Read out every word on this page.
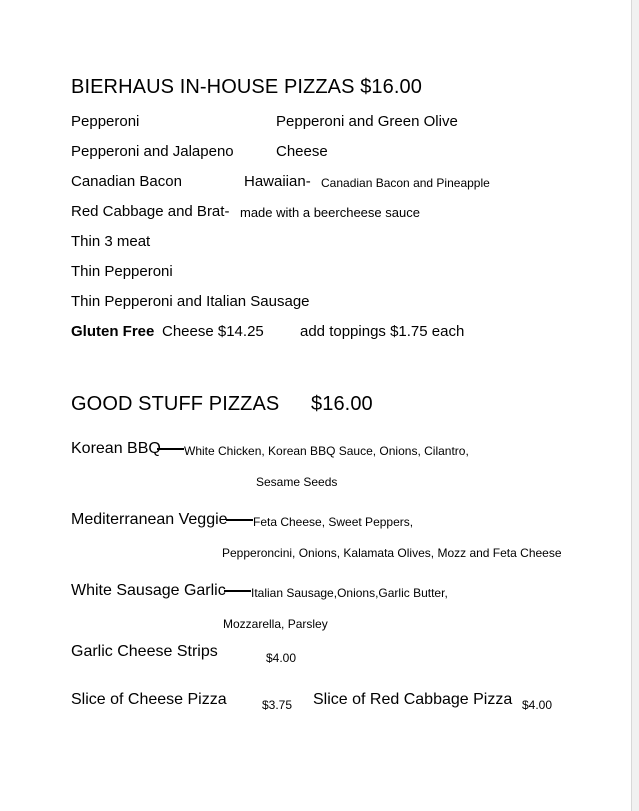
BIERHAUS IN-HOUSE PIZZAS $16.00
Pepperoni	Pepperoni and Green Olive
Pepperoni and Jalapeno	Cheese
Canadian Bacon	Hawaiian- Canadian Bacon and Pineapple
Red Cabbage and Brat- made with a beercheese sauce
Thin 3 meat
Thin Pepperoni
Thin Pepperoni and Italian Sausage
Gluten Free Cheese $14.25 add toppings $1.75 each
GOOD STUFF PIZZAS $16.00
Korean BBQ White Chicken, Korean BBQ Sauce, Onions, Cilantro,
Sesame Seeds
Mediterranean Veggie Feta Cheese, Sweet Peppers,
Pepperoncini, Onions, Kalamata Olives, Mozz and Feta Cheese
White Sausage Garlic Italian Sausage,Onions,Garlic Butter,
Mozzarella, Parsley
Garlic Cheese Strips	$4.00
Slice of Cheese Pizza	$3.75 Slice of Red Cabbage Pizza $4.00
